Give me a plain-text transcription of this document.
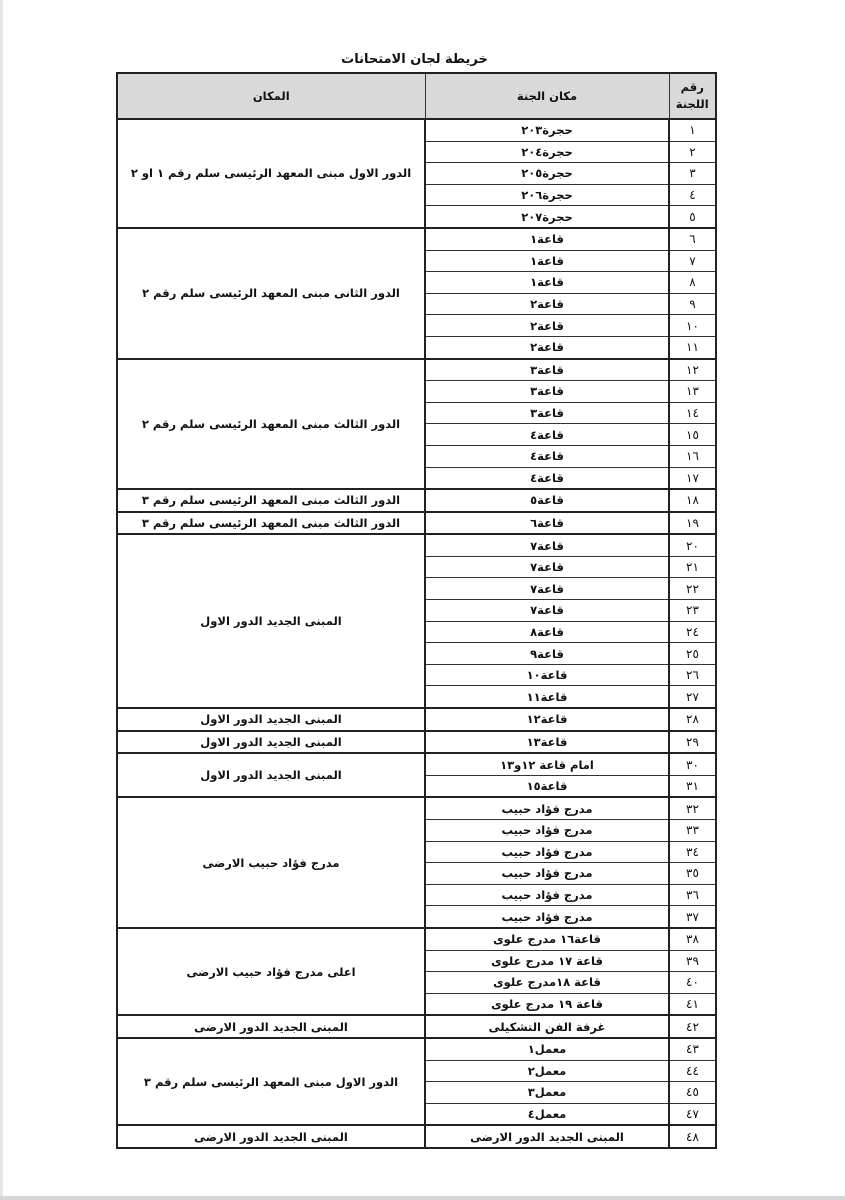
خريطة لجان الامتحانات
رقم اللجنة	مكان الجنة	المكان
١	حجرة٢٠٣	الدور الاول مبنى المعهد الرئيسى سلم رقم ١ او ٢
٢	حجرة٢٠٤	
٣	حجرة٢٠٥	
٤	حجرة٢٠٦	
٥	حجرة٢٠٧	
٦	قاعة١	الدور الثانى مبنى المعهد الرئيسى سلم رقم ٢
٧	قاعة١	
٨	قاعة١	
٩	قاعة٢	
١٠	قاعة٢	
١١	قاعة٢	
١٢	قاعة٣	الدور الثالث مبنى المعهد الرئيسى سلم رقم ٢
١٣	قاعة٣	
١٤	قاعة٣	
١٥	قاعة٤	
١٦	قاعة٤	
١٧	قاعة٤	
١٨	قاعة٥	الدور الثالث مبنى المعهد الرئيسى سلم رقم ٣
١٩	قاعة٦	الدور الثالث مبنى المعهد الرئيسى سلم رقم ٣
٢٠	قاعة٧	المبنى الجديد الدور الاول
٢١	قاعة٧	
٢٢	قاعة٧	
٢٣	قاعة٧	
٢٤	قاعة٨	
٢٥	قاعة٩	
٢٦	قاعة١٠	
٢٧	قاعة١١	
٢٨	قاعة١٢	المبنى الجديد الدور الاول
٢٩	قاعة١٣	المبنى الجديد الدور الاول
٣٠	امام قاعة ١٢و١٣	المبنى الجديد الدور الاول
٣١	قاعة١٥	
٣٢	مدرج فؤاد حبيب	مدرج فؤاد حبيب الارضى
٣٣	مدرج فؤاد حبيب	
٣٤	مدرج فؤاد حبيب	
٣٥	مدرج فؤاد حبيب	
٣٦	مدرج فؤاد حبيب	
٣٧	مدرج فؤاد حبيب	
٣٨	قاعة١٦ مدرج علوى	اعلى مدرج فؤاد حبيب الارضى
٣٩	قاعة ١٧ مدرج علوى	
٤٠	قاعة ١٨مدرج علوى	
٤١	قاعة ١٩ مدرج علوى	
٤٢	غرفة الفن التشكيلى	المبنى الجديد الدور الارضى
٤٣	معمل١	الدور الاول مبنى المعهد الرئيسى سلم رقم ٣
٤٤	معمل٢	
٤٥	معمل٣	
٤٧	معمل٤	
٤٨	المبنى الجديد الدور الارضى	المبنى الجديد الدور الارضى
